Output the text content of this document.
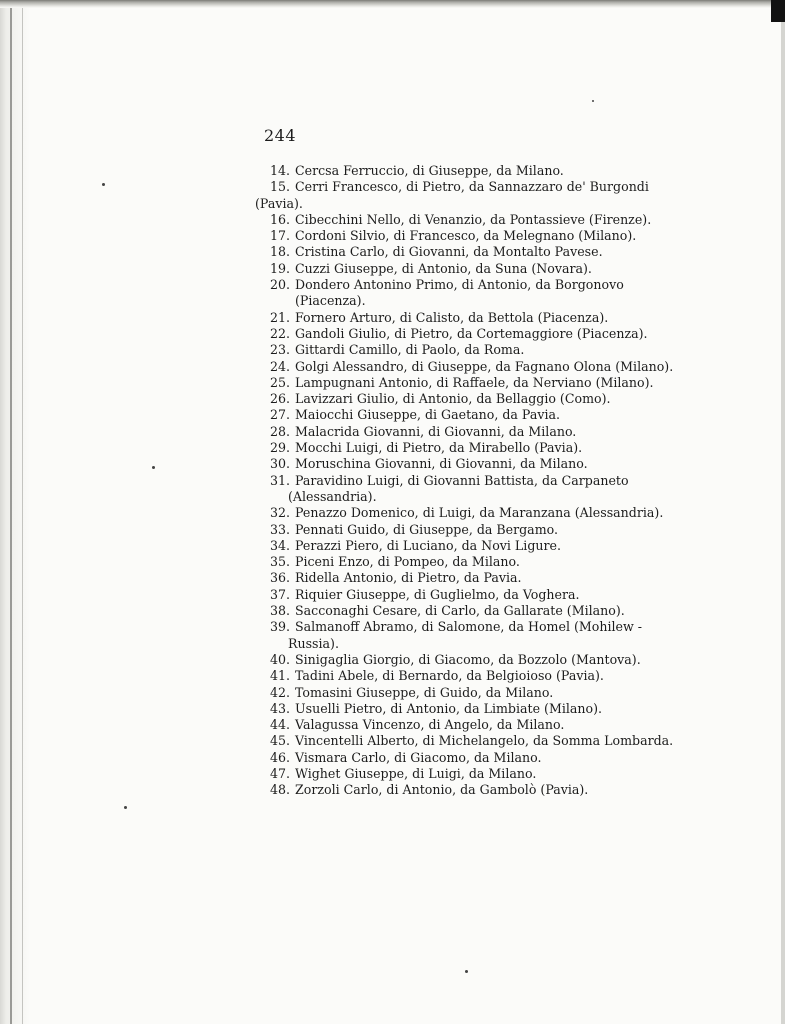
244
14. Cercsa Ferruccio, di Giuseppe, da Milano.
15. Cerri Francesco, di Pietro, da Sannazzaro de' Burgondi
(Pavia).
16. Cibecchini Nello, di Venanzio, da Pontassieve (Firenze).
17. Cordoni Silvio, di Francesco, da Melegnano (Milano).
18. Cristina Carlo, di Giovanni, da Montalto Pavese.
19. Cuzzi Giuseppe, di Antonio, da Suna (Novara).
20. Dondero Antonino Primo, di Antonio, da Borgonovo
(Piacenza).
21. Fornero Arturo, di Calisto, da Bettola (Piacenza).
22. Gandoli Giulio, di Pietro, da Cortemaggiore (Piacenza).
23. Gittardi Camillo, di Paolo, da Roma.
24. Golgi Alessandro, di Giuseppe, da Fagnano Olona (Milano).
25. Lampugnani Antonio, di Raffaele, da Nerviano (Milano).
26. Lavizzari Giulio, di Antonio, da Bellaggio (Como).
27. Maiocchi Giuseppe, di Gaetano, da Pavia.
28. Malacrida Giovanni, di Giovanni, da Milano.
29. Mocchi Luigi, di Pietro, da Mirabello (Pavia).
30. Moruschina Giovanni, di Giovanni, da Milano.
31. Paravidino Luigi, di Giovanni Battista, da Carpaneto
(Alessandria).
32. Penazzo Domenico, di Luigi, da Maranzana (Alessandria).
33. Pennati Guido, di Giuseppe, da Bergamo.
34. Perazzi Piero, di Luciano, da Novi Ligure.
35. Piceni Enzo, di Pompeo, da Milano.
36. Ridella Antonio, di Pietro, da Pavia.
37. Riquier Giuseppe, di Guglielmo, da Voghera.
38. Sacconaghi Cesare, di Carlo, da Gallarate (Milano).
39. Salmanoff Abramo, di Salomone, da Homel (Mohilew -
Russia).
40. Sinigaglia Giorgio, di Giacomo, da Bozzolo (Mantova).
41. Tadini Abele, di Bernardo, da Belgioioso (Pavia).
42. Tomasini Giuseppe, di Guido, da Milano.
43. Usuelli Pietro, di Antonio, da Limbiate (Milano).
44. Valagussa Vincenzo, di Angelo, da Milano.
45. Vincentelli Alberto, di Michelangelo, da Somma Lombarda.
46. Vismara Carlo, di Giacomo, da Milano.
47. Wighet Giuseppe, di Luigi, da Milano.
48. Zorzoli Carlo, di Antonio, da Gambolò (Pavia).
